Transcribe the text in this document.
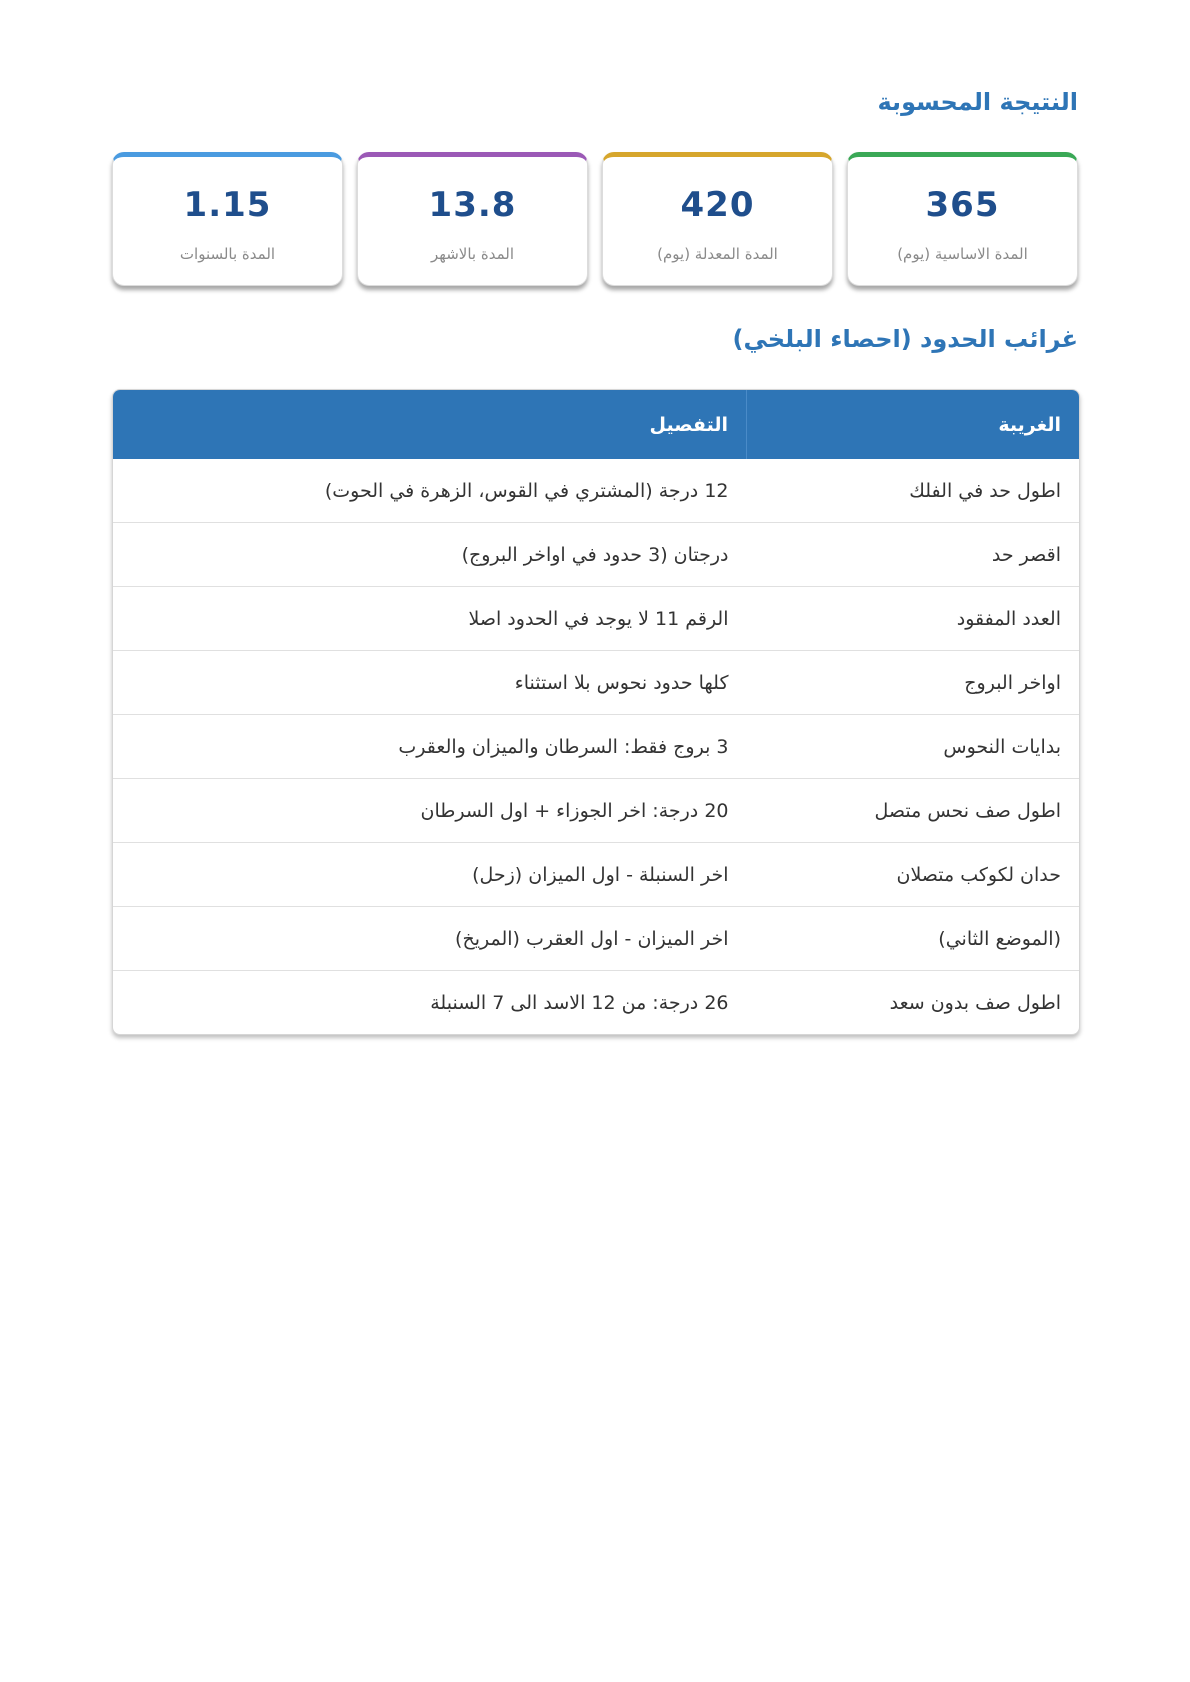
النتيجة المحسوبة
365
المدة الاساسية (يوم)
420
المدة المعدلة (يوم)
13.8
المدة بالاشهر
1.15
المدة بالسنوات
غرائب الحدود (احصاء البلخي)
الغريبة	التفصيل
اطول حد في الفلك	12 درجة (المشتري في القوس، الزهرة في الحوت)
اقصر حد	درجتان (3 حدود في اواخر البروج)
العدد المفقود	الرقم 11 لا يوجد في الحدود اصلا
اواخر البروج	كلها حدود نحوس بلا استثناء
بدايات النحوس	3 بروج فقط: السرطان والميزان والعقرب
اطول صف نحس متصل	20 درجة: اخر الجوزاء + اول السرطان
حدان لكوكب متصلان	اخر السنبلة - اول الميزان (زحل)
(الموضع الثاني)	اخر الميزان - اول العقرب (المريخ)
اطول صف بدون سعد	26 درجة: من 12 الاسد الى 7 السنبلة
